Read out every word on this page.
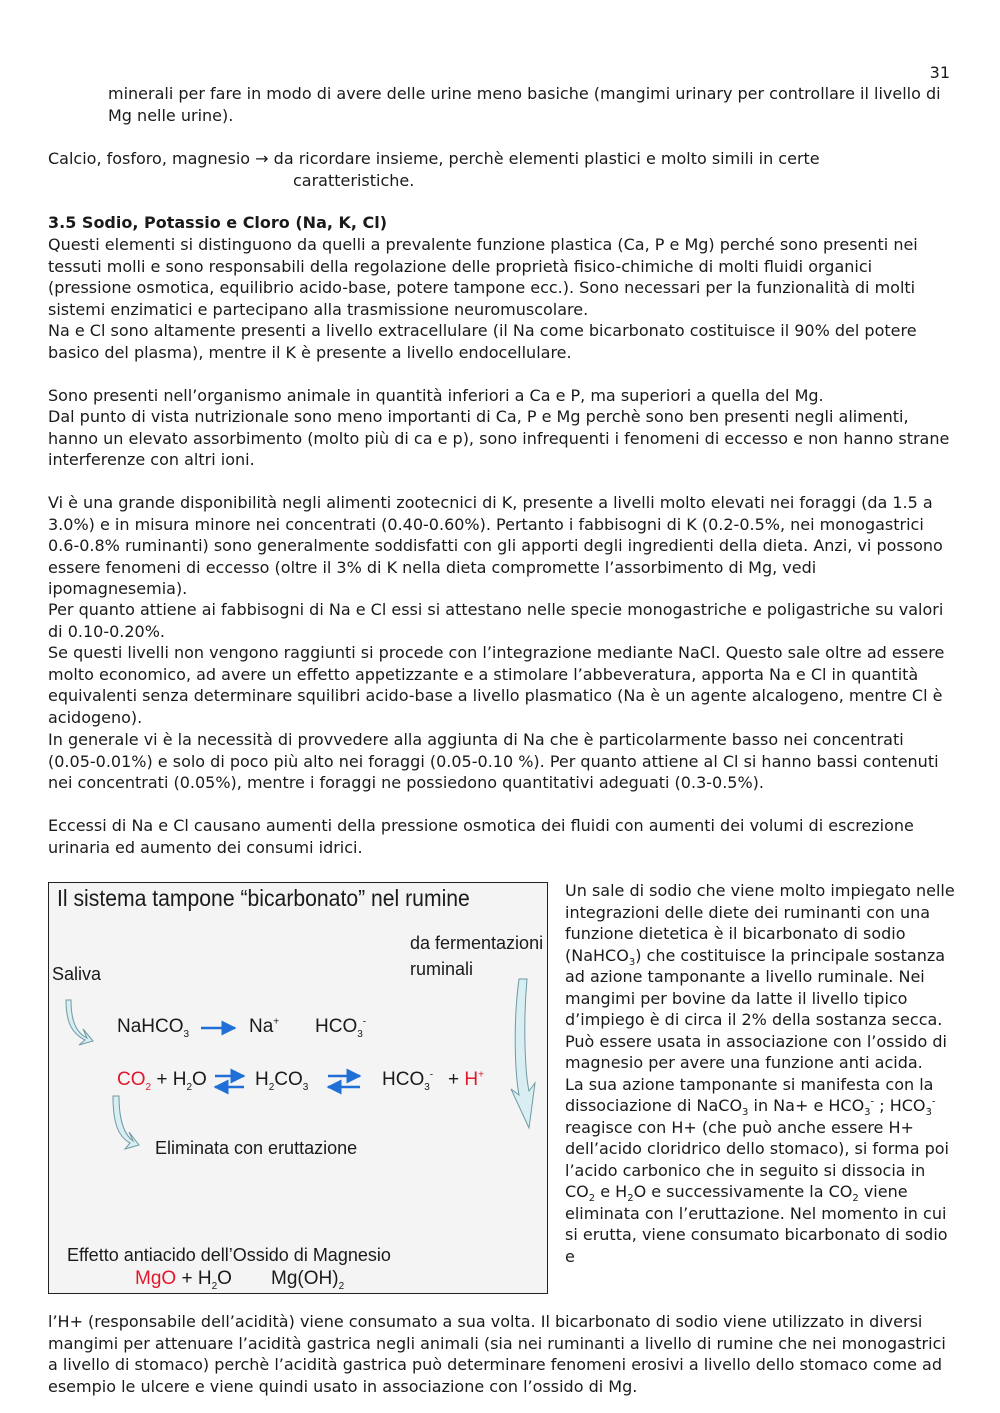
31
minerali per fare in modo di avere delle urine meno basiche (mangimi urinary per controllare il livello di Mg nelle urine).
Calcio, fosforo, magnesio → da ricordare insieme, perchè elementi plastici e molto simili in certe
caratteristiche.
3.5 Sodio, Potassio e Cloro (Na, K, Cl)
Questi elementi si distinguono da quelli a prevalente funzione plastica (Ca, P e Mg) perché sono presenti nei tessuti molli e sono responsabili della regolazione delle proprietà fisico-chimiche di molti fluidi organici (pressione osmotica, equilibrio acido-base, potere tampone ecc.). Sono necessari per la funzionalità di molti sistemi enzimatici e partecipano alla trasmissione neuromuscolare.
Na e Cl sono altamente presenti a livello extracellulare (il Na come bicarbonato costituisce il 90% del potere basico del plasma), mentre il K è presente a livello endocellulare.
Sono presenti nell’organismo animale in quantità inferiori a Ca e P, ma superiori a quella del Mg.
Dal punto di vista nutrizionale sono meno importanti di Ca, P e Mg perchè sono ben presenti negli alimenti, hanno un elevato assorbimento (molto più di ca e p), sono infrequenti i fenomeni di eccesso e non hanno strane interferenze con altri ioni.
Vi è una grande disponibilità negli alimenti zootecnici di K, presente a livelli molto elevati nei foraggi (da 1.5 a 3.0%) e in misura minore nei concentrati (0.40-0.60%). Pertanto i fabbisogni di K (0.2-0.5%, nei monogastrici 0.6-0.8% ruminanti) sono generalmente soddisfatti con gli apporti degli ingredienti della dieta. Anzi, vi possono essere fenomeni di eccesso (oltre il 3% di K nella dieta compromette l’assorbimento di Mg, vedi ipomagnesemia).
Per quanto attiene ai fabbisogni di Na e Cl essi si attestano nelle specie monogastriche e poligastriche su valori di 0.10-0.20%.
Se questi livelli non vengono raggiunti si procede con l’integrazione mediante NaCl. Questo sale oltre ad essere molto economico, ad avere un effetto appetizzante e a stimolare l’abbeveratura, apporta Na e Cl in quantità equivalenti senza determinare squilibri acido-base a livello plasmatico (Na è un agente alcalogeno, mentre Cl è acidogeno).
In generale vi è la necessità di provvedere alla aggiunta di Na che è particolarmente basso nei concentrati (0.05-0.01%) e solo di poco più alto nei foraggi (0.05-0.10 %). Per quanto attiene al Cl si hanno bassi contenuti nei concentrati (0.05%), mentre i foraggi ne possiedono quantitativi adeguati (0.3-0.5%).
Eccessi di Na e Cl causano aumenti della pressione osmotica dei fluidi con aumenti dei volumi di escrezione urinaria ed aumento dei consumi idrici.
Il sistema tampone “bicarbonato” nel rumine
da fermentazioni
ruminali
Saliva
NaHCO$_3$	Na+ $HCO_3^-$
$CO_2 + H_2O$	$H_2CO_3$	$HCO_3^- + H^+$
Eliminata con eruttazione
Effetto antiacido dell’Ossido di Magnesio
MgO + $H_2O$ $Mg(OH)_2$
Un sale di sodio che viene molto impiegato nelle integrazioni delle diete dei ruminanti con una funzione dietetica è il bicarbonato di sodio (NaHCO$_3$) che costituisce la principale sostanza ad azione tamponante a livello ruminale. Nei mangimi per bovine da latte il livello tipico d’impiego è di circa il 2% della sostanza secca.
Può essere usata in associazione con l’ossido di magnesio per avere una funzione anti acida.
La sua azione tamponante si manifesta con la dissociazione di NaCO$_3$ in Na+ e $HCO_3^-$ ; $HCO_3^-$ reagisce con H+ (che può anche essere H+ dell’acido cloridrico dello stomaco), si forma poi l’acido carbonico che in seguito si dissocia in $CO_2$ e $H_2O$ e successivamente la $CO_2$ viene eliminata con l’eruttazione. Nel momento in cui si erutta, viene consumato bicarbonato di sodio e
l’H+ (responsabile dell’acidità) viene consumato a sua volta. Il bicarbonato di sodio viene utilizzato in diversi mangimi per attenuare l’acidità gastrica negli animali (sia nei ruminanti a livello di rumine che nei monogastrici a livello di stomaco) perchè l’acidità gastrica può determinare fenomeni erosivi a livello dello stomaco come ad esempio le ulcere e viene quindi usato in associazione con l’ossido di Mg.
